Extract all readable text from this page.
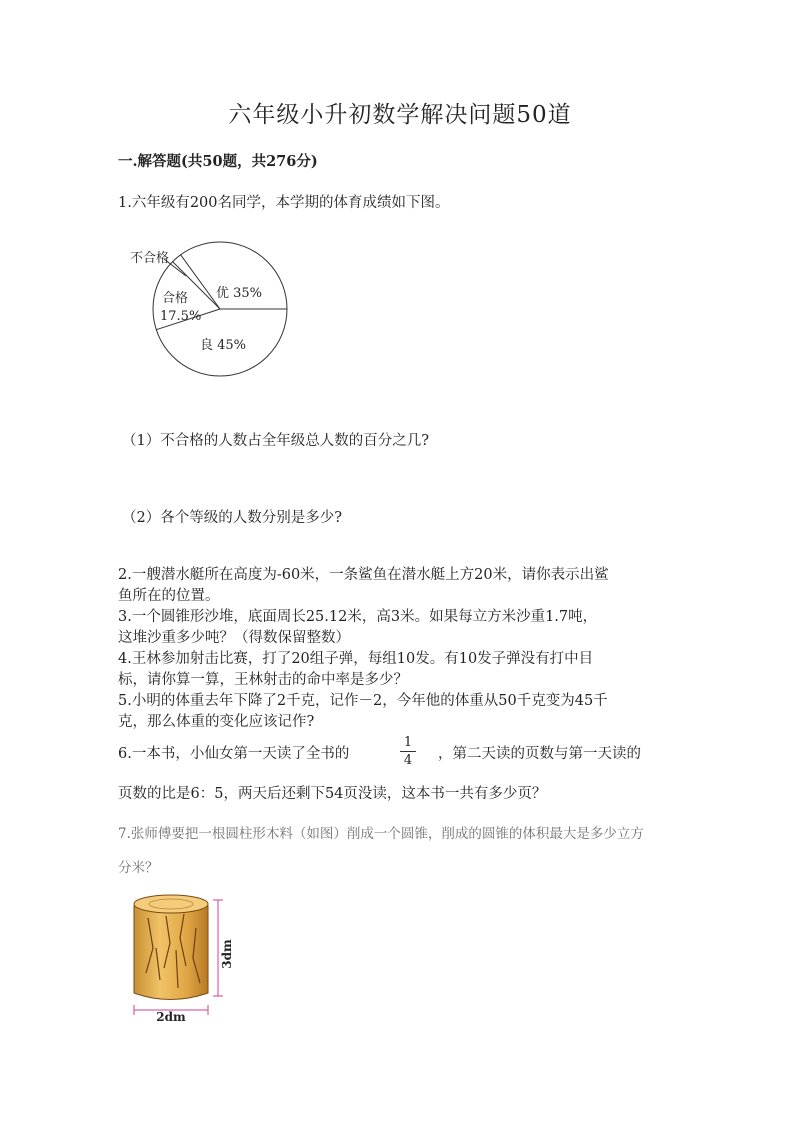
六年级小升初数学解决问题50道
一.解答题(共50题，共276分)
1.六年级有200名同学，本学期的体育成绩如下图。
不合格
合格
17.5%
优 35%
良 45%
（1）不合格的人数占全年级总人数的百分之几?
（2）各个等级的人数分别是多少?
2.一艘潜水艇所在高度为-60米，一条鲨鱼在潜水艇上方20米，请你表示出鲨
鱼所在的位置。
3.一个圆锥形沙堆，底面周长25.12米，高3米。如果每立方米沙重1.7吨，
这堆沙重多少吨？（得数保留整数）
4.王林参加射击比赛，打了20组子弹，每组10发。有10发子弹没有打中目
标，请你算一算，王林射击的命中率是多少？
5.小明的体重去年下降了2千克，记作－2，今年他的体重从50千克变为45千
克，那么体重的变化应该记作?
6.一本书，小仙女第一天读了全书的
1
4	，第二天读的页数与第一天读的
页数的比是6：5，两天后还剩下54页没读，这本书一共有多少页？
7.张师傅要把一根圆柱形木料（如图）削成一个圆锥，削成的圆锥的体积最大是多少立方
分米？
3dm
2dm
